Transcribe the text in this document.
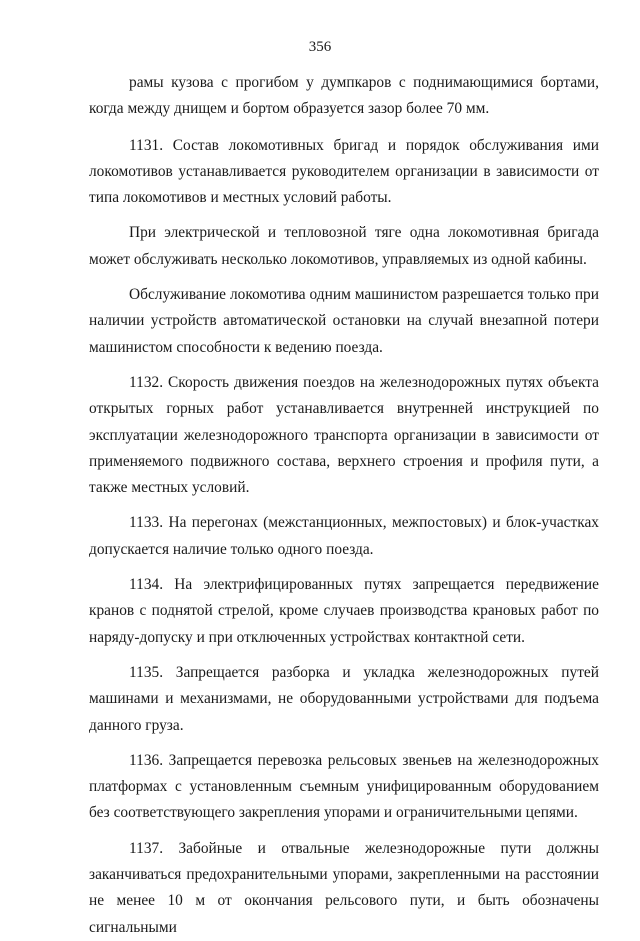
356

рамы кузова с прогибом у думпкаров с поднимающимися бортами, когда между днищем и бортом образуется зазор более 70 мм.

1131. Состав локомотивных бригад и порядок обслуживания ими локомотивов устанавливается руководителем организации в зависимости от типа локомотивов и местных условий работы.

При электрической и тепловозной тяге одна локомотивная бригада может обслуживать несколько локомотивов, управляемых из одной кабины.

Обслуживание локомотива одним машинистом разрешается только при наличии устройств автоматической остановки на случай внезапной потери машинистом способности к ведению поезда.

1132. Скорость движения поездов на железнодорожных путях объекта открытых горных работ устанавливается внутренней инструкцией по эксплуатации железнодорожного транспорта организации в зависимости от применяемого подвижного состава, верхнего строения и профиля пути, а также местных условий.

1133. На перегонах (межстанционных, межпостовых) и блок-участках допускается наличие только одного поезда.

1134. На электрифицированных путях запрещается передвижение кранов с поднятой стрелой, кроме случаев производства крановых работ по наряду-допуску и при отключенных устройствах контактной сети.

1135. Запрещается разборка и укладка железнодорожных путей машинами и механизмами, не оборудованными устройствами для подъема данного груза.

1136. Запрещается перевозка рельсовых звеньев на железнодорожных платформах с установленным съемным унифицированным оборудованием без соответствующего закрепления упорами и ограничительными цепями.

1137. Забойные и отвальные железнодорожные пути должны заканчиваться предохранительными упорами, закрепленными на расстоянии не менее 10 м от окончания рельсового пути, и быть обозначены сигнальными
